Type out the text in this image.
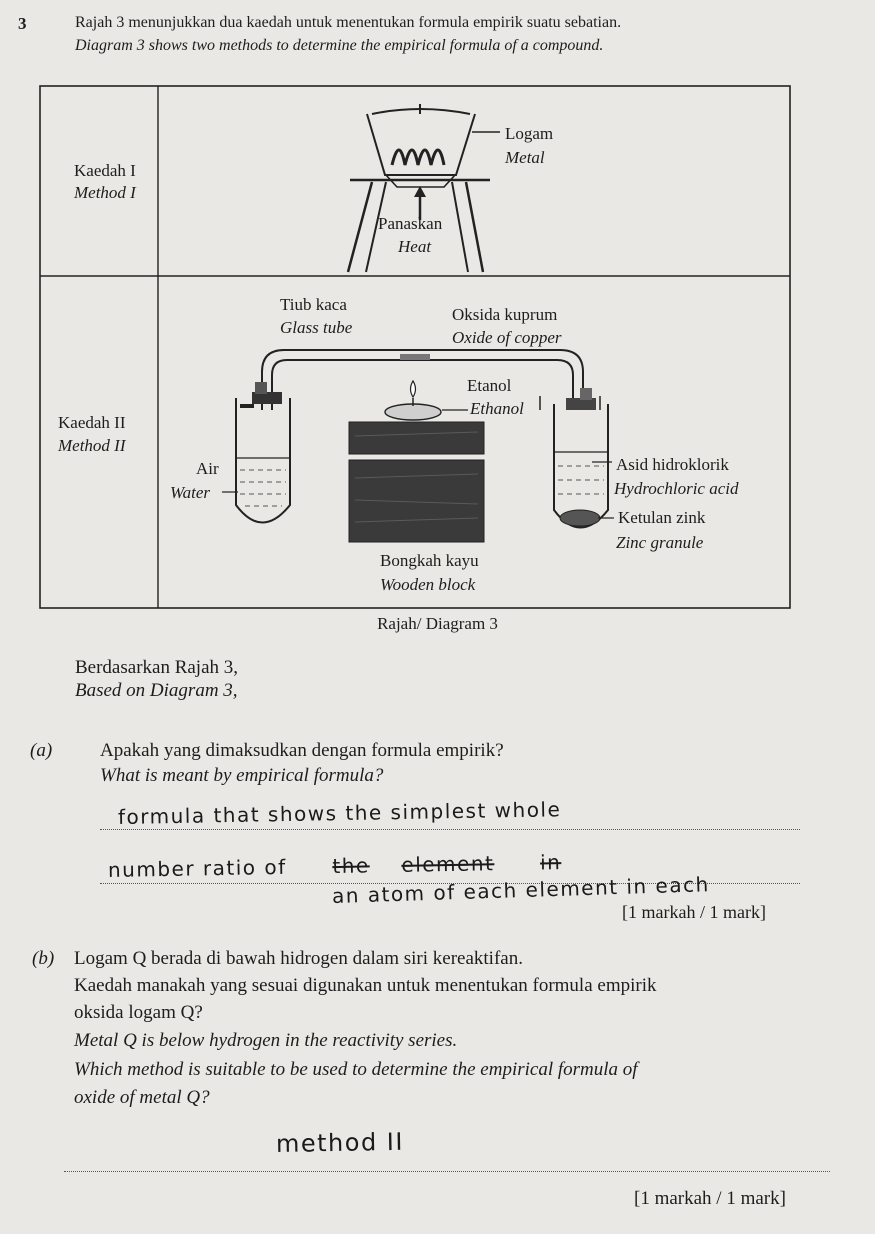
3	Rajah 3 menunjukkan dua kaedah untuk menentukan formula empirik suatu sebatian.
Diagram 3 shows two methods to determine the empirical formula of a compound.
Kaedah I
Method I
Kaedah II
Method II
Logam
Metal
Panaskan
Heat
Tiub kaca
Glass tube
Oksida kuprum
Oxide of copper
Air
Water
Etanol
Ethanol
Bongkah kayu
Wooden block
Asid hidroklorik
Hydrochloric acid
Ketulan zink
Zinc granule
Rajah/ Diagram 3
Berdasarkan Rajah 3,
Based on Diagram 3,
(a)	Apakah yang dimaksudkan dengan formula empirik?
What is meant by empirical formula?
formula that shows the simplest whole
number ratio of the element in
an atom of each element in each
[1 markah / 1 mark]
(b) Logam Q berada di bawah hidrogen dalam siri kereaktifan.
Kaedah manakah yang sesuai digunakan untuk menentukan formula empirik
oksida logam Q?
Metal Q is below hydrogen in the reactivity series.
Which method is suitable to be used to determine the empirical formula of
oxide of metal Q?
method II
[1 markah / 1 mark]
